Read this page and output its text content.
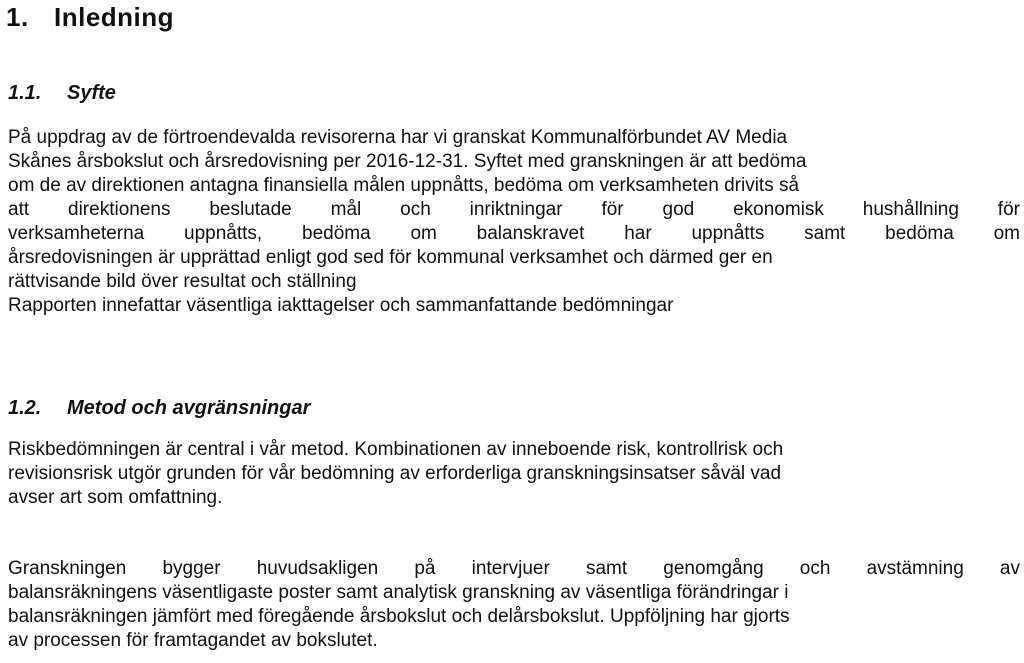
1. Inledning
1.1. Syfte
På uppdrag av de förtroendevalda revisorerna har vi granskat Kommunalförbundet AV Media
Skånes årsbokslut och årsredovisning per 2016-12-31. Syftet med granskningen är att bedöma
om de av direktionen antagna finansiella målen uppnåtts, bedöma om verksamheten drivits så
att direktionens beslutade mål och inriktningar för god ekonomisk hushållning för
verksamheterna uppnåtts, bedöma om balanskravet har uppnåtts samt bedöma om
årsredovisningen är upprättad enligt god sed för kommunal verksamhet och därmed ger en
rättvisande bild över resultat och ställning
Rapporten innefattar väsentliga iakttagelser och sammanfattande bedömningar
1.2. Metod och avgränsningar
Riskbedömningen är central i vår metod. Kombinationen av inneboende risk, kontrollrisk och
revisionsrisk utgör grunden för vår bedömning av erforderliga granskningsinsatser såväl vad
avser art som omfattning.
Granskningen bygger huvudsakligen på intervjuer samt genomgång och avstämning av
balansräkningens väsentligaste poster samt analytisk granskning av väsentliga förändringar i
balansräkningen jämfört med föregående årsbokslut och delårsbokslut. Uppföljning har gjorts
av processen för framtagandet av bokslutet.
